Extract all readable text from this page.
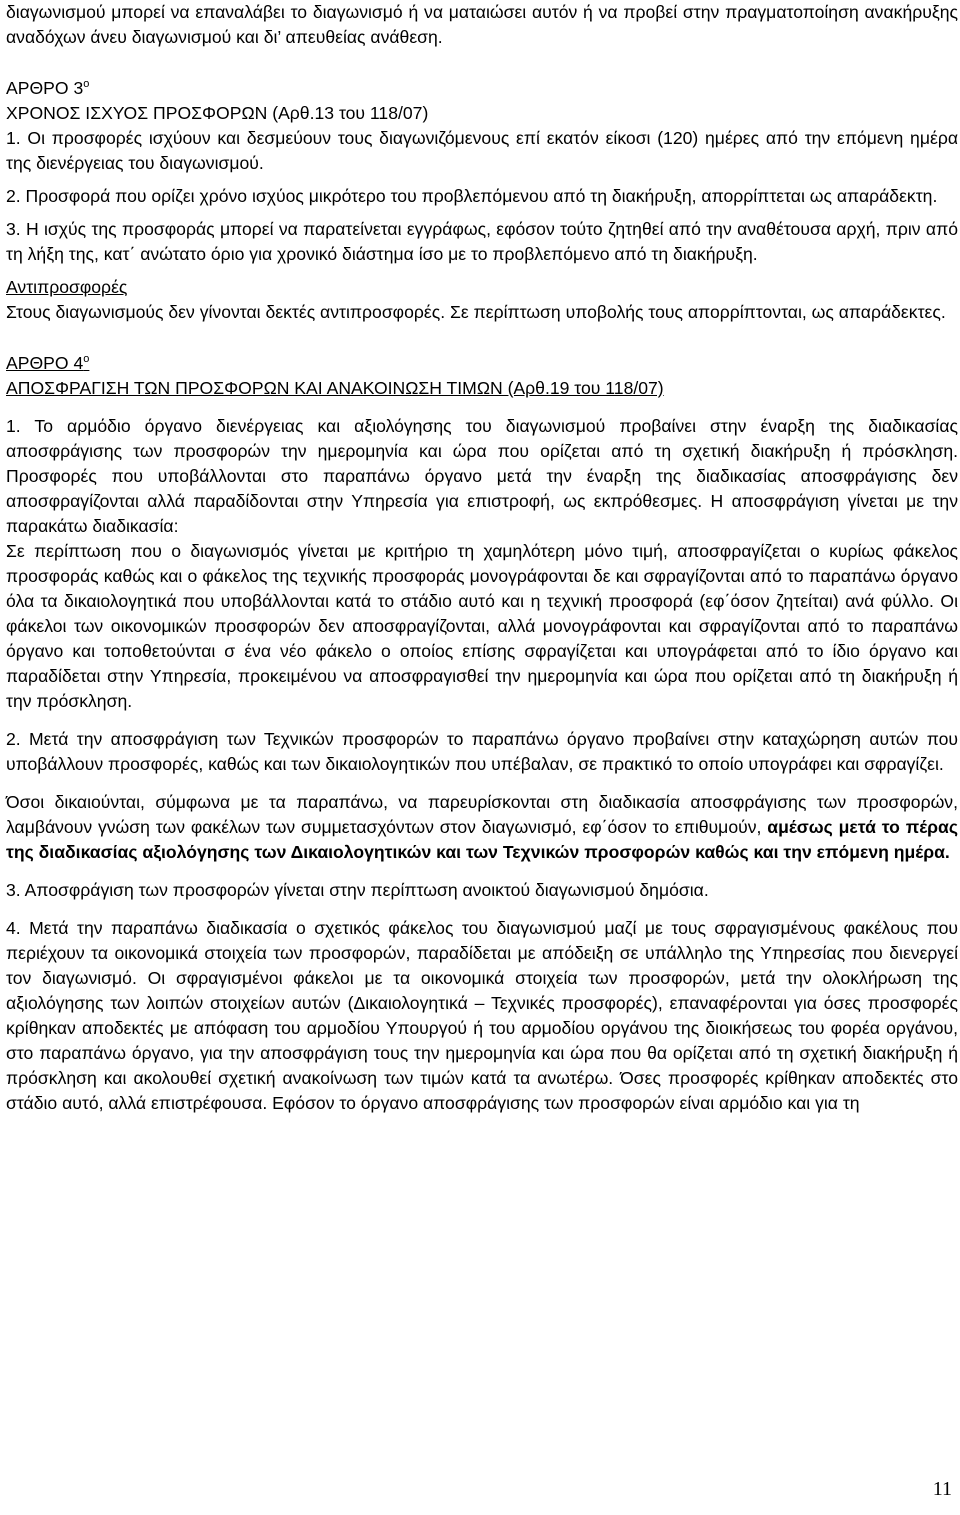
διαγωνισμού μπορεί να επαναλάβει το διαγωνισμό ή να ματαιώσει αυτόν ή να προβεί στην πραγματοποίηση ανακήρυξης αναδόχων άνευ διαγωνισμού και δι’ απευθείας ανάθεση.

ΑΡΘΡΟ $3^o$

ΧΡΟΝΟΣ ΙΣΧΥΟΣ ΠΡΟΣΦΟΡΩΝ (Αρθ.13 του 118/07)

1. Οι προσφορές ισχύουν και δεσμεύουν τους διαγωνιζόμενους επί εκατόν είκοσι (120) ημέρες από την επόμενη ημέρα της διενέργειας του διαγωνισμού.

2. Προσφορά που ορίζει χρόνο ισχύος μικρότερο του προβλεπόμενου από τη διακήρυξη, απορρίπτεται ως απαράδεκτη.

3. Η ισχύς της προσφοράς μπορεί να παρατείνεται εγγράφως, εφόσον τούτο ζητηθεί από την αναθέτουσα αρχή, πριν από τη λήξη της, κατ΄ ανώτατο όριο για χρονικό διάστημα ίσο με το προβλεπόμενο από τη διακήρυξη.

Αντιπροσφορές

Στους διαγωνισμούς δεν γίνονται δεκτές αντιπροσφορές. Σε περίπτωση υποβολής τους απορρίπτονται, ως απαράδεκτες.

ΑΡΘΡΟ $4^o$

ΑΠΟΣΦΡΑΓΙΣΗ ΤΩΝ ΠΡΟΣΦΟΡΩΝ ΚΑΙ ΑΝΑΚΟΙΝΩΣΗ ΤΙΜΩΝ (Αρθ.19 του 118/07)

1. Το αρμόδιο όργανο διενέργειας και αξιολόγησης του διαγωνισμού προβαίνει στην έναρξη της διαδικασίας αποσφράγισης των προσφορών την ημερομηνία και ώρα που ορίζεται από τη σχετική διακήρυξη ή πρόσκληση. Προσφορές που υποβάλλονται στο παραπάνω όργανο μετά την έναρξη της διαδικασίας αποσφράγισης δεν αποσφραγίζονται αλλά παραδίδονται στην Υπηρεσία για επιστροφή, ως εκπρόθεσμες. Η αποσφράγιση γίνεται με την παρακάτω διαδικασία:

Σε περίπτωση που ο διαγωνισμός γίνεται με κριτήριο τη χαμηλότερη μόνο τιμή, αποσφραγίζεται ο κυρίως φάκελος προσφοράς καθώς και ο φάκελος της τεχνικής προσφοράς μονογράφονται δε και σφραγίζονται από το παραπάνω όργανο όλα τα δικαιολογητικά που υποβάλλονται κατά το στάδιο αυτό και η τεχνική προσφορά (εφ΄όσον ζητείται) ανά φύλλο. Οι φάκελοι των οικονομικών προσφορών δεν αποσφραγίζονται, αλλά μονογράφονται και σφραγίζονται από το παραπάνω όργανο και τοποθετούνται σ ένα νέο φάκελο ο οποίος επίσης σφραγίζεται και υπογράφεται από το ίδιο όργανο και παραδίδεται στην Υπηρεσία, προκειμένου να αποσφραγισθεί την ημερομηνία και ώρα που ορίζεται από τη διακήρυξη ή την πρόσκληση.

2. Μετά την αποσφράγιση των Τεχνικών προσφορών το παραπάνω όργανο προβαίνει στην καταχώρηση αυτών που υποβάλλουν προσφορές, καθώς και των δικαιολογητικών που υπέβαλαν, σε πρακτικό το οποίο υπογράφει και σφραγίζει.

Όσοι δικαιούνται, σύμφωνα με τα παραπάνω, να παρευρίσκονται στη διαδικασία αποσφράγισης των προσφορών, λαμβάνουν γνώση των φακέλων των συμμετασχόντων στον διαγωνισμό, εφ΄όσον το επιθυμούν, αμέσως μετά το πέρας της διαδικασίας αξιολόγησης των Δικαιολογητικών και των Τεχνικών προσφορών καθώς και την επόμενη ημέρα.

3. Αποσφράγιση των προσφορών γίνεται στην περίπτωση ανοικτού διαγωνισμού δημόσια.

4. Μετά την παραπάνω διαδικασία ο σχετικός φάκελος του διαγωνισμού μαζί με τους σφραγισμένους φακέλους που περιέχουν τα οικονομικά στοιχεία των προσφορών, παραδίδεται με απόδειξη σε υπάλληλο της Υπηρεσίας που διενεργεί τον διαγωνισμό. Οι σφραγισμένοι φάκελοι με τα οικονομικά στοιχεία των προσφορών, μετά την ολοκλήρωση της αξιολόγησης των λοιπών στοιχείων αυτών (Δικαιολογητικά – Τεχνικές προσφορές), επαναφέρονται για όσες προσφορές κρίθηκαν αποδεκτές με απόφαση του αρμοδίου Υπουργού ή του αρμοδίου οργάνου της διοικήσεως του φορέα οργάνου, στο παραπάνω όργανο, για την αποσφράγιση τους την ημερομηνία και ώρα που θα ορίζεται από τη σχετική διακήρυξη ή πρόσκληση και ακολουθεί σχετική ανακοίνωση των τιμών κατά τα ανωτέρω. Όσες προσφορές κρίθηκαν αποδεκτές στο στάδιο αυτό, αλλά επιστρέφουσα. Εφόσον το όργανο αποσφράγισης των προσφορών είναι αρμόδιο και για τη

11
